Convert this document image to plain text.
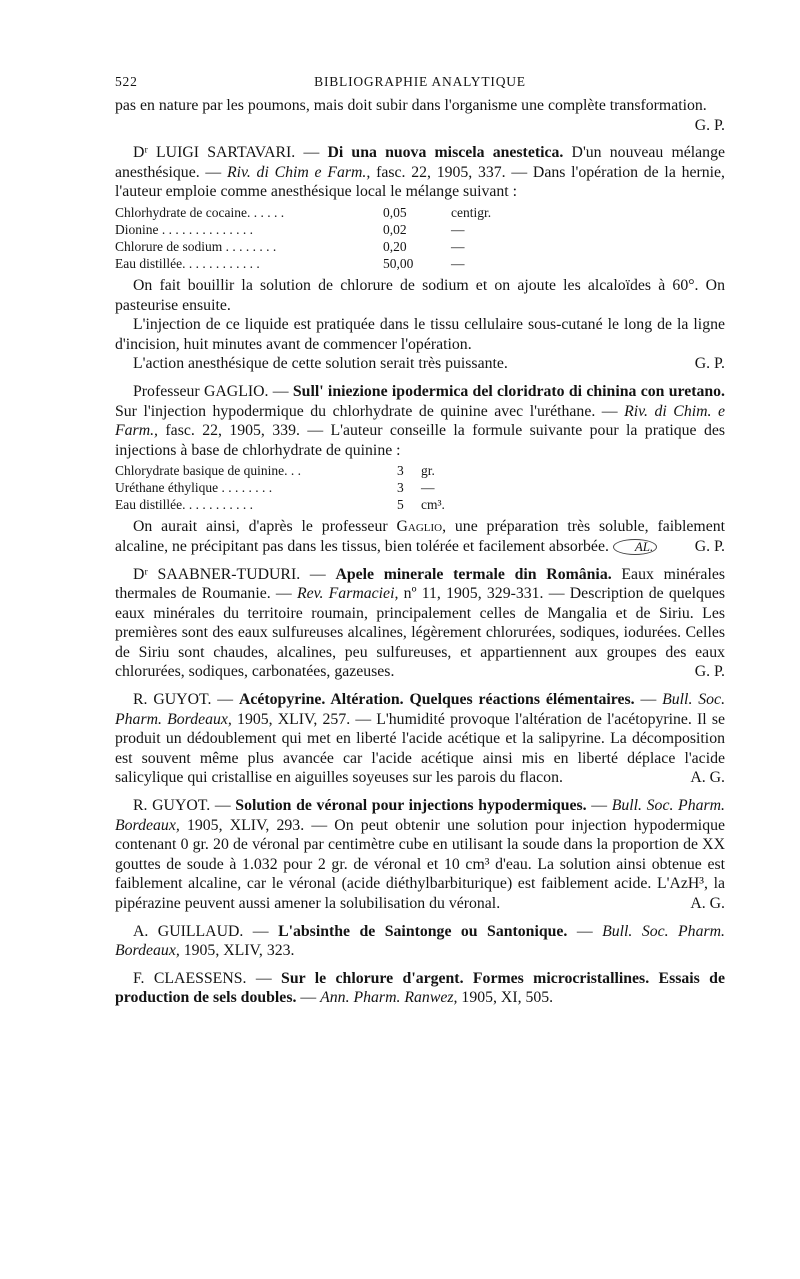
522	BIBLIOGRAPHIE ANALYTIQUE

pas en nature par les poumons, mais doit subir dans l'organisme une complète transformation.
G. P.

Dʳ LUIGI SARTAVARI. — Di una nuova miscela anestetica. D'un nouveau mélange anesthésique. — Riv. di Chim e Farm., fasc. 22, 1905, 337. — Dans l'opération de la hernie, l'auteur emploie comme anesthésique local le mélange suivant :

Chlorhydrate de cocaine. . . . . .	0,05	centigr.
Dionine . . . . . . . . . . . . . .	0,02	—
Chlorure de sodium . . . . . . . .	0,20	—
Eau distillée. . . . . . . . . . . .	50,00	—

On fait bouillir la solution de chlorure de sodium et on ajoute les alcaloïdes à 60°. On pasteurise ensuite.

L'injection de ce liquide est pratiquée dans le tissu cellulaire sous-cutané le long de la ligne d'incision, huit minutes avant de commencer l'opération.

L'action anesthésique de cette solution serait très puissante.	G. P.

Professeur GAGLIO. — Sull' iniezione ipodermica del cloridrato di chinina con uretano. Sur l'injection hypodermique du chlorhydrate de quinine avec l'uréthane. — Riv. di Chim. e Farm., fasc. 22, 1905, 339. — L'auteur conseille la formule suivante pour la pratique des injections à base de chlorhydrate de quinine :

Chlorydrate basique de quinine. . .	3	gr.
Uréthane éthylique . . . . . . . .	3	—
Eau distillée. . . . . . . . . . .	5	cm³.

On aurait ainsi, d'après le professeur Gaglio, une préparation très soluble, faiblement alcaline, ne précipitant pas dans les tissus, bien tolérée et facilement absorbée. AL.	G. P.

Dʳ SAABNER-TUDURI. — Apele minerale termale din România. Eaux minérales thermales de Roumanie. — Rev. Farmaciei, nº 11, 1905, 329-331. — Description de quelques eaux minérales du territoire roumain, principalement celles de Mangalia et de Siriu. Les premières sont des eaux sulfureuses alcalines, légèrement chlorurées, sodiques, iodurées. Celles de Siriu sont chaudes, alcalines, peu sulfureuses, et appartiennent aux groupes des eaux chlorurées, sodiques, carbonatées, gazeuses.	G. P.

R. GUYOT. — Acétopyrine. Altération. Quelques réactions élémentaires. — Bull. Soc. Pharm. Bordeaux, 1905, XLIV, 257. — L'humidité provoque l'altération de l'acétopyrine. Il se produit un dédoublement qui met en liberté l'acide acétique et la salipyrine. La décomposition est souvent même plus avancée car l'acide acétique ainsi mis en liberté déplace l'acide salicylique qui cristallise en aiguilles soyeuses sur les parois du flacon.	A. G.

R. GUYOT. — Solution de véronal pour injections hypodermiques. — Bull. Soc. Pharm. Bordeaux, 1905, XLIV, 293. — On peut obtenir une solution pour injection hypodermique contenant 0 gr. 20 de véronal par centimètre cube en utilisant la soude dans la proportion de XX gouttes de soude à 1.032 pour 2 gr. de véronal et 10 cm³ d'eau. La solution ainsi obtenue est faiblement alcaline, car le véronal (acide diéthylbarbiturique) est faiblement acide. L'AzH³, la pipérazine peuvent aussi amener la solubilisation du véronal.	A. G.

A. GUILLAUD. — L'absinthe de Saintonge ou Santonique. — Bull. Soc. Pharm. Bordeaux, 1905, XLIV, 323.

F. CLAESSENS. — Sur le chlorure d'argent. Formes microcristallines. Essais de production de sels doubles. — Ann. Pharm. Ranwez, 1905, XI, 505.
